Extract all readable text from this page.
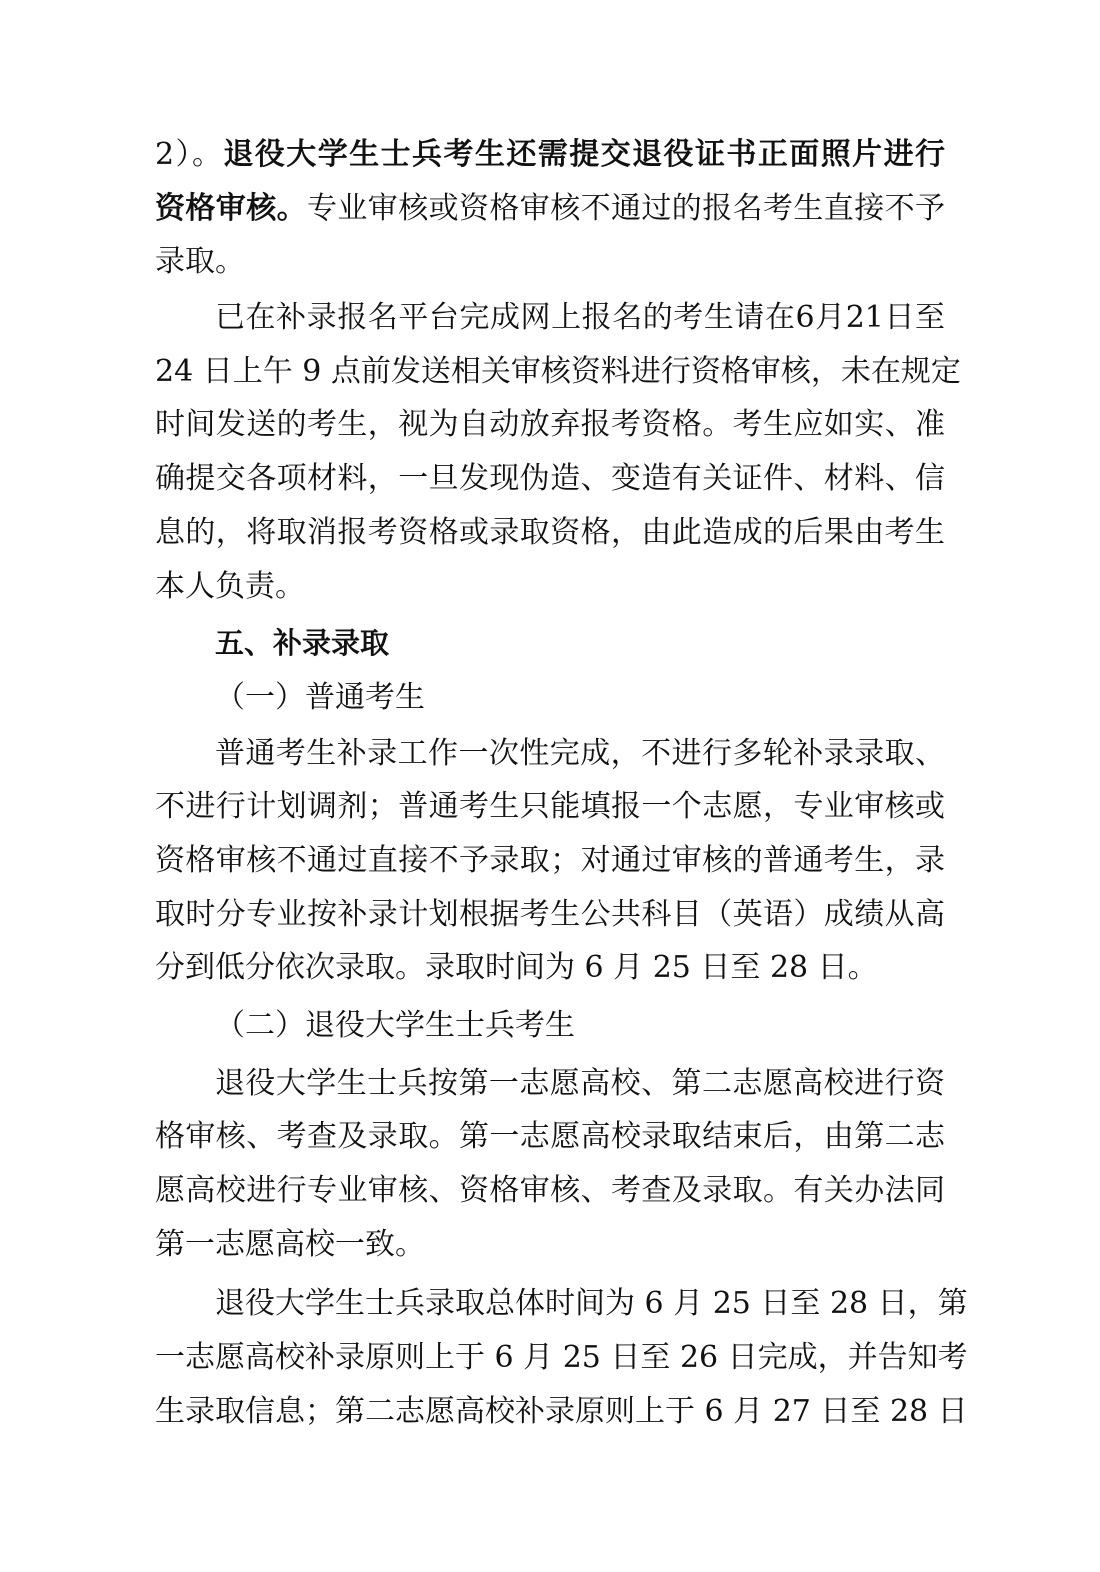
2）。退役大学生士兵考生还需提交退役证书正面照片进行
资格审核。专业审核或资格审核不通过的报名考生直接不予
录取。
已在补录报名平台完成网上报名的考生请在6月21日至
24 日上午 9 点前发送相关审核资料进行资格审核，未在规定
时间发送的考生，视为自动放弃报考资格。考生应如实、准
确提交各项材料，一旦发现伪造、变造有关证件、材料、信
息的，将取消报考资格或录取资格，由此造成的后果由考生
本人负责。
五、补录录取
（一）普通考生
普通考生补录工作一次性完成，不进行多轮补录录取、
不进行计划调剂；普通考生只能填报一个志愿，专业审核或
资格审核不通过直接不予录取；对通过审核的普通考生，录
取时分专业按补录计划根据考生公共科目（英语）成绩从高
分到低分依次录取。录取时间为 6 月 25 日至 28 日。
（二）退役大学生士兵考生
退役大学生士兵按第一志愿高校、第二志愿高校进行资
格审核、考查及录取。第一志愿高校录取结束后，由第二志
愿高校进行专业审核、资格审核、考查及录取。有关办法同
第一志愿高校一致。
退役大学生士兵录取总体时间为 6 月 25 日至 28 日，第
一志愿高校补录原则上于 6 月 25 日至 26 日完成，并告知考
生录取信息；第二志愿高校补录原则上于 6 月 27 日至 28 日
